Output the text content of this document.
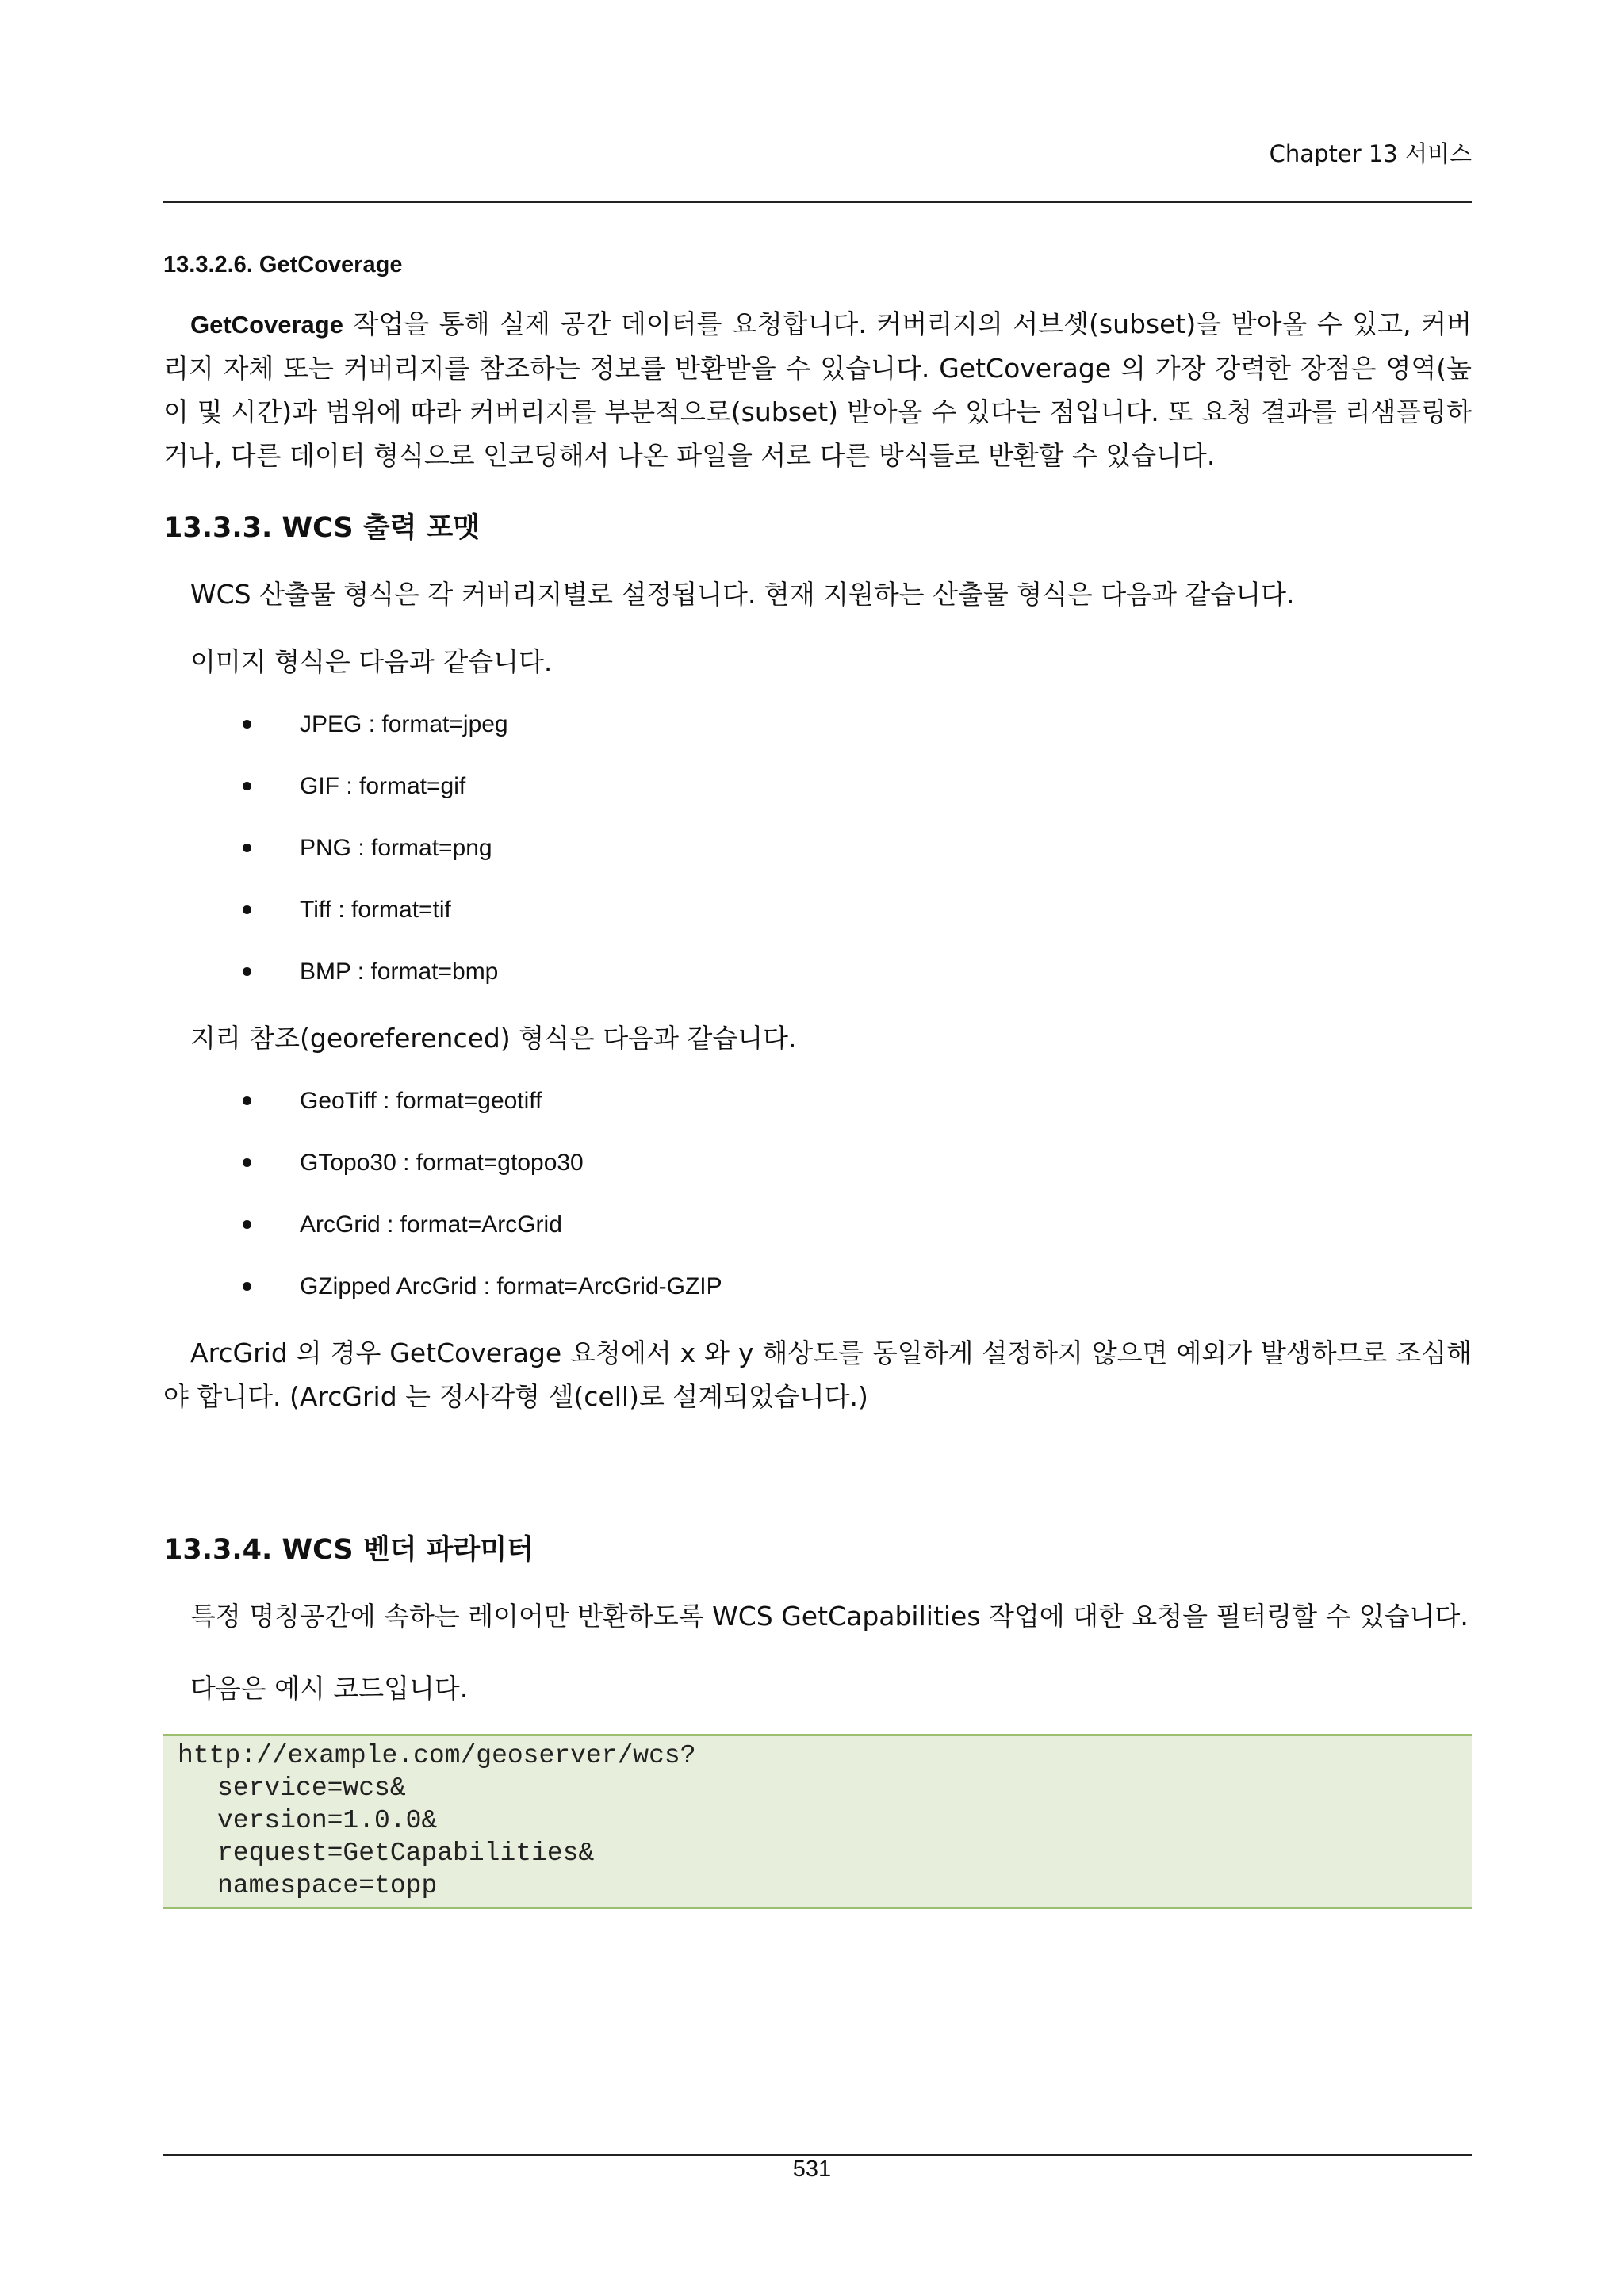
Chapter 13 서비스
13.3.2.6. GetCoverage
GetCoverage 작업을 통해 실제 공간 데이터를 요청합니다. 커버리지의 서브셋(subset)을 받아올 수 있고, 커버리지 자체 또는 커버리지를 참조하는 정보를 반환받을 수 있습니다. GetCoverage 의 가장 강력한 장점은 영역(높이 및 시간)과 범위에 따라 커버리지를 부분적으로(subset) 받아올 수 있다는 점입니다. 또 요청 결과를 리샘플링하거나, 다른 데이터 형식으로 인코딩해서 나온 파일을 서로 다른 방식들로 반환할 수 있습니다.
13.3.3. WCS 출력 포맷
WCS 산출물 형식은 각 커버리지별로 설정됩니다. 현재 지원하는 산출물 형식은 다음과 같습니다.
이미지 형식은 다음과 같습니다.
JPEG : format=jpeg
GIF : format=gif
PNG : format=png
Tiff : format=tif
BMP : format=bmp
지리 참조(georeferenced) 형식은 다음과 같습니다.
GeoTiff : format=geotiff
GTopo30 : format=gtopo30
ArcGrid : format=ArcGrid
GZipped ArcGrid : format=ArcGrid-GZIP
ArcGrid 의 경우 GetCoverage 요청에서 x 와 y 해상도를 동일하게 설정하지 않으면 예외가 발생하므로 조심해야 합니다. (ArcGrid 는 정사각형 셀(cell)로 설계되었습니다.)
13.3.4. WCS 벤더 파라미터
특정 명칭공간에 속하는 레이어만 반환하도록 WCS GetCapabilities 작업에 대한 요청을 필터링할 수 있습니다.
다음은 예시 코드입니다.
http://example.com/geoserver/wcs?
service=wcs&
version=1.0.0&
request=GetCapabilities&
namespace=topp
531
